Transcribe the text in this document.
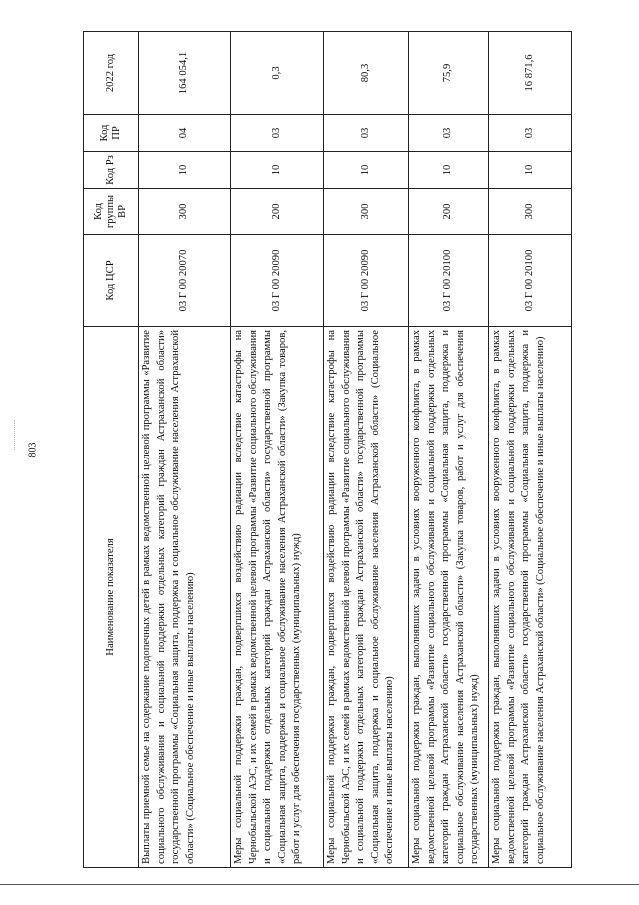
803
Наименование показателя	Код ЦСР	Код группы ВР	Код Рз	Код ПР	2022 год
Выплаты приемной семье на содержание подопечных детей в рамках ведомственной целевой программы «Развитие социального обслуживания и социальной поддержки отдельных категорий граждан Астраханской области» государственной программы «Социальная защита, поддержка и социальное обслуживание населения Астраханской области» (Социальное обеспечение и иные выплаты населению)	03 Г 00 20070	300	10	04	164 054,1
Меры социальной поддержки граждан, подвергшихся воздействию радиации вследствие катастрофы на Чернобыльской АЭС, и их семей в рамках ведомственной целевой программы «Развитие социального обслуживания и социальной поддержки отдельных категорий граждан Астраханской области» государственной программы «Социальная защита, поддержка и социальное обслуживание населения Астраханской области» (Закупка товаров, работ и услуг для обеспечения государственных (муниципальных) нужд)	03 Г 00 20090	200	10	03	0,3
Меры социальной поддержки граждан, подвергшихся воздействию радиации вследствие катастрофы на Чернобыльской АЭС, и их семей в рамках ведомственной целевой программы «Развитие социального обслуживания и социальной поддержки отдельных категорий граждан Астраханской области» государственной программы «Социальная защита, поддержка и социальное обслуживание населения Астраханской области» (Социальное обеспечение и иные выплаты населению)	03 Г 00 20090	300	10	03	80,3
Меры социальной поддержки граждан, выполнявших задачи в условиях вооруженного конфликта, в рамках ведомственной целевой программы «Развитие социального обслуживания и социальной поддержки отдельных категорий граждан Астраханской области» государственной программы «Социальная защита, поддержка и социальное обслуживание населения Астраханской области» (Закупка товаров, работ и услуг для обеспечения государственных (муниципальных) нужд)	03 Г 00 20100	200	10	03	75,9
Меры социальной поддержки граждан, выполнявших задачи в условиях вооруженного конфликта, в рамках ведомственной целевой программы «Развитие социального обслуживания и социальной поддержки отдельных категорий граждан Астраханской области» государственной программы «Социальная защита, поддержка и социальное обслуживание населения Астраханской области» (Социальное обеспечение и иные выплаты населению)	03 Г 00 20100	300	10	03	16 871,6
